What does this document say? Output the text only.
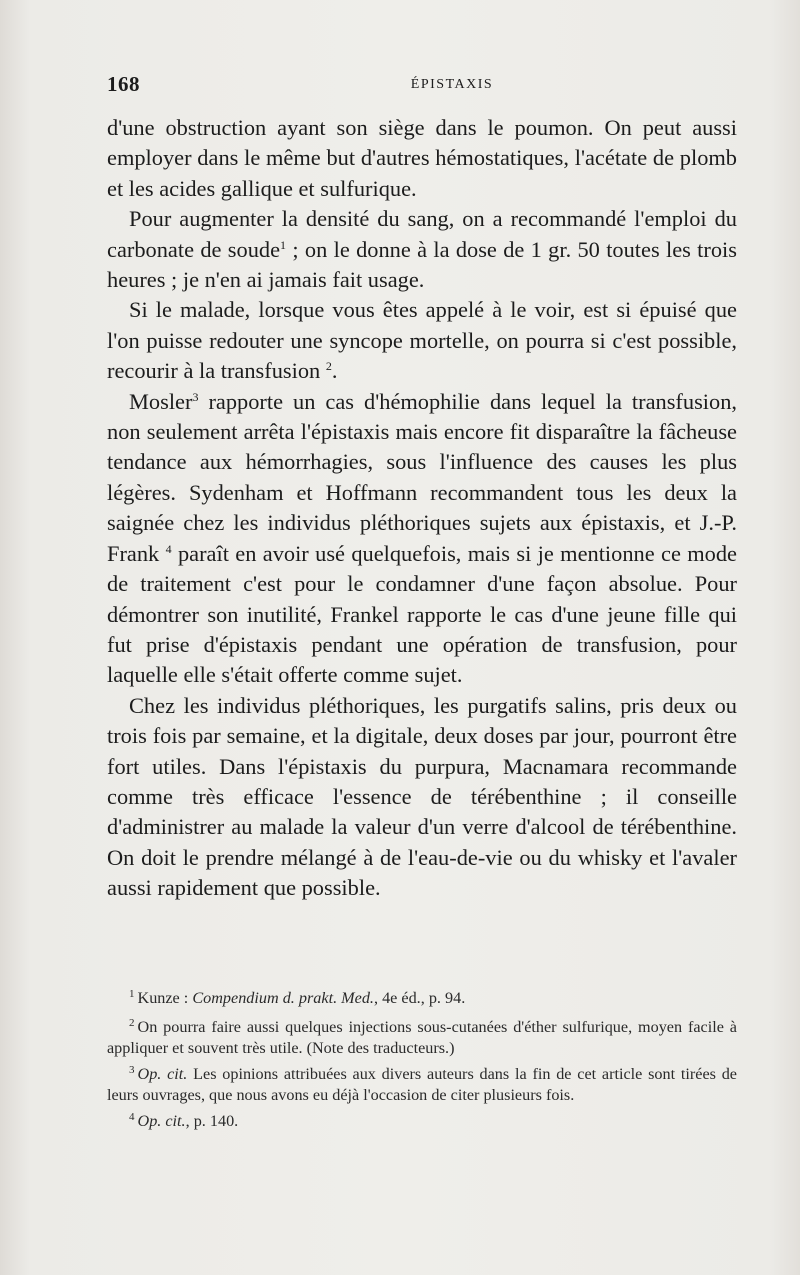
168	ÉPISTAXIS

d'une obstruction ayant son siège dans le poumon. On peut aussi employer dans le même but d'autres hémostatiques, l'acétate de plomb et les acides gallique et sulfurique.

Pour augmenter la densité du sang, on a recommandé l'emploi du carbonate de soude$^1$ ; on le donne à la dose de 1 gr. 50 toutes les trois heures ; je n'en ai jamais fait usage.

Si le malade, lorsque vous êtes appelé à le voir, est si épuisé que l'on puisse redouter une syncope mortelle, on pourra si c'est possible, recourir à la transfusion $^2$.

Mosler$^3$ rapporte un cas d'hémophilie dans lequel la transfusion, non seulement arrêta l'épistaxis mais encore fit disparaître la fâcheuse tendance aux hémorrhagies, sous l'influence des causes les plus légères. Sydenham et Hoffmann recommandent tous les deux la saignée chez les individus pléthoriques sujets aux épistaxis, et J.-P. Frank $^4$ paraît en avoir usé quelquefois, mais si je mentionne ce mode de traitement c'est pour le condamner d'une façon absolue. Pour démontrer son inutilité, Frankel rapporte le cas d'une jeune fille qui fut prise d'épistaxis pendant une opération de transfusion, pour laquelle elle s'était offerte comme sujet.

Chez les individus pléthoriques, les purgatifs salins, pris deux ou trois fois par semaine, et la digitale, deux doses par jour, pourront être fort utiles. Dans l'épistaxis du purpura, Macnamara recommande comme très efficace l'essence de térébenthine ; il conseille d'administrer au malade la valeur d'un verre d'alcool de térébenthine. On doit le prendre mélangé à de l'eau-de-vie ou du whisky et l'avaler aussi rapidement que possible.

$^1$ Kunze : Compendium d. prakt. Med., 4e éd., p. 94.

$^2$ On pourra faire aussi quelques injections sous-cutanées d'éther sulfurique, moyen facile à appliquer et souvent très utile. (Note des traducteurs.)

$^3$ Op. cit. Les opinions attribuées aux divers auteurs dans la fin de cet article sont tirées de leurs ouvrages, que nous avons eu déjà l'occasion de citer plusieurs fois.

$^4$ Op. cit., p. 140.
